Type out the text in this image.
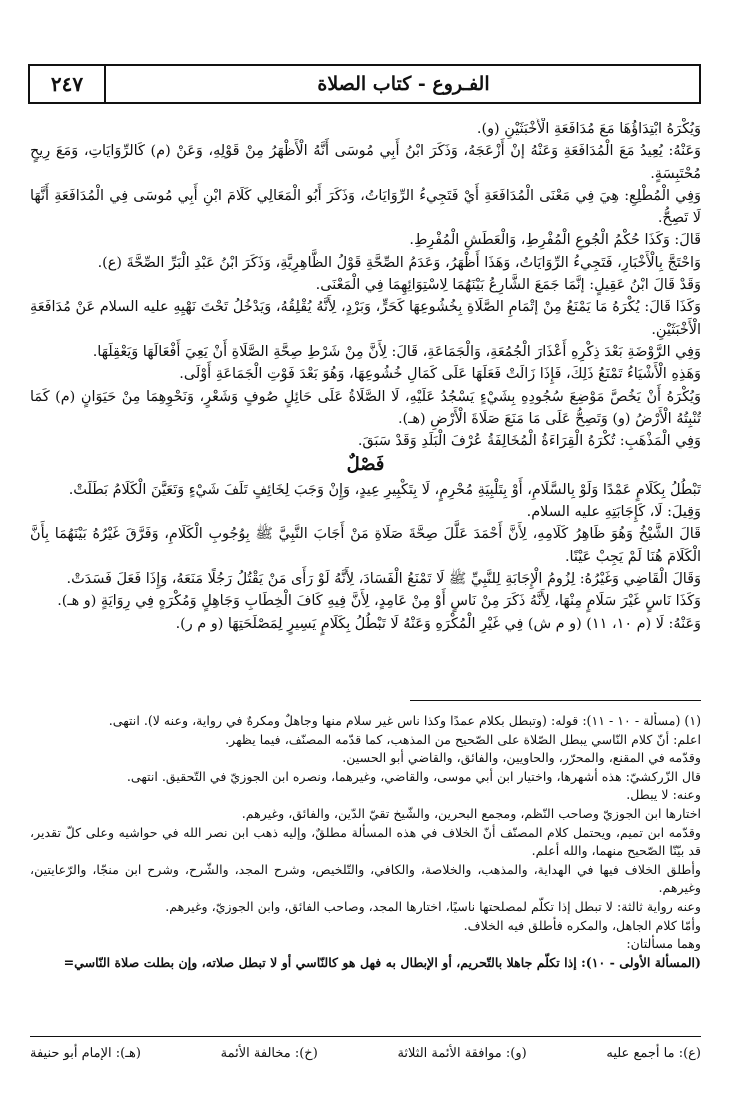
الفـروع - كتاب الصلاة
٢٤٧

وَيُكْرَهُ ابْتِدَاؤُهَا مَعَ مُدَافَعَةِ الْأَخْبَثَيْنِ (و).

وَعَنْهُ: يُعِيدُ مَعَ الْمُدَافَعَةِ وَعَنْهُ إنْ أَزْعَجَهُ، وَذَكَرَ ابْنُ أَبِي مُوسَى أَنَّهُ الْأَظْهَرُ مِنْ قَوْلِهِ، وَعَنْ (م) كَالرِّوَايَاتِ، وَمَعَ رِيحٍ مُحْتَبِسَةٍ.

وَفِي الْمُطْلِعِ: هِيَ فِي مَعْنَى الْمُدَافَعَةِ أَيْ فَتَجِيءُ الرِّوَايَاتُ، وَذَكَرَ أَبُو الْمَعَالِي كَلَامَ ابْنِ أَبِي مُوسَى فِي الْمُدَافَعَةِ أَنَّهَا لَا تَصِحُّ.

قَالَ: وَكَذَا حُكْمُ الْجُوعِ الْمُفْرِطِ، وَالْعَطَشِ الْمُفْرِطِ.

وَاحْتَجَّ بِالْأَخْبَارِ، فَتَجِيءُ الرِّوَايَاتُ، وَهَذَا أَظْهَرُ، وَعَدَمُ الصِّحَّةِ قَوْلُ الظَّاهِرِيَّةِ، وَذَكَرَ ابْنُ عَبْدِ الْبَرِّ الصِّحَّةَ (ع).

وَقَدْ قَالَ ابْنُ عَقِيلٍ: إنَّمَا جَمَعَ الشَّارِعُ بَيْنَهُمَا لِاسْتِوَائِهِمَا فِي الْمَعْنَى.

وَكَذَا قَالَ: يُكْرَهُ مَا يَمْنَعُ مِنْ إتْمَامِ الصَّلَاةِ بِخُشُوعِهَا كَحَرٍّ، وَبَرْدٍ، لِأَنَّهُ يُقْلِقُهُ، وَيَدْخُلُ تَحْتَ نَهْيِهِ عليه السلام عَنْ مُدَافَعَةِ الْأَخْبَثَيْنِ.

وَفِي الرَّوْضَةِ بَعْدَ ذِكْرِهِ أَعْذَارَ الْجُمُعَةِ، وَالْجَمَاعَةِ، قَالَ: لِأَنَّ مِنْ شَرْطِ صِحَّةِ الصَّلَاةِ أَنْ يَعِيَ أَفْعَالَهَا وَيَعْقِلَهَا.

وَهَذِهِ الْأَشْيَاءُ تَمْنَعُ ذَلِكَ، فَإِذَا زَالَتْ فَعَلَهَا عَلَى كَمَالِ خُشُوعِهَا، وَهُوَ بَعْدَ فَوْتِ الْجَمَاعَةِ أَوْلَى.

وَيُكْرَهُ أَنْ يَخُصَّ مَوْضِعَ سُجُودِهِ بِشَيْءٍ يَسْجُدُ عَلَيْهِ، لَا الصَّلَاةُ عَلَى حَائِلٍ صُوفٍ وَشَعْرٍ، وَنَحْوِهِمَا مِنْ حَيَوَانٍ (م) كَمَا تُنْبِتُهُ الْأَرْضُ (و) وَتَصِحُّ عَلَى مَا مَنَعَ صَلَاةَ الْأَرْضِ (هـ).

وَفِي الْمَذْهَبِ: تُكْرَهُ الْقِرَاءَةُ الْمُخَالِفَةُ عُرْفَ الْبَلَدِ وَقَدْ سَبَقَ.

فَصْلٌ

تَبْطُلُ بِكَلَامٍ عَمْدًا وَلَوْ بِالسَّلَامِ، أَوْ بِتَلْبِيَةِ مُحْرِمٍ، لَا بِتَكْبِيرِ عِيدٍ، وَإِنْ وَجَبَ لِخَائِفٍ تَلَفَ شَيْءٍ وَتَعَيَّنَ الْكَلَامُ بَطَلَتْ.

وَقِيلَ: لَا، كَإِجَابَتِهِ عليه السلام.

قَالَ الشَّيْخُ وَهُوَ ظَاهِرُ كَلَامِهِ، لِأَنَّ أَحْمَدَ عَلَّلَ صِحَّةَ صَلَاةِ مَنْ أَجَابَ النَّبِيَّ ﷺ بِوُجُوبِ الْكَلَامِ، وَفَرَّقَ غَيْرُهُ بَيْنَهُمَا بِأَنَّ الْكَلَامَ هُنَا لَمْ يَجِبْ عَيْنًا.

وَقَالَ الْقَاضِي وَغَيْرُهُ: لِزُومُ الْإِجَابَةِ لِلنَّبِيِّ ﷺ لَا تَمْنَعُ الْفَسَادَ، لِأَنَّهُ لَوْ رَأَى مَنْ يَقْتُلُ رَجُلًا مَنَعَهُ، وَإِذَا فَعَلَ فَسَدَتْ.

وَكَذَا نَاسٍ غَيْرَ سَلَامٍ مِنْهَا، لِأَنَّهُ ذَكَرَ مِنْ نَاسٍ أَوْ مِنْ عَامِدٍ، لِأَنَّ فِيهِ كَافَ الْخِطَابِ وَجَاهِلٍ وَمُكْرَهٍ فِي رِوَايَةٍ (و هـ).

وَعَنْهُ: لَا (م ١٠، ١١) (و م ش) فِي غَيْرِ الْمُكْرَهِ وَعَنْهُ لَا تَبْطُلُ بِكَلَامٍ يَسِيرٍ لِمَصْلَحَتِهَا (و م ر).

(١) (مسألة - ١٠ - ١١): قوله: (وتبطل بكلام عمدًا وكذا ناس غير سلام منها وجاهلٌ ومكرهٌ في رواية، وعنه لا). انتهى.

اعلم: أنّ كلام النّاسي يبطل الصّلاة على الصّحيح من المذهب، كما قدّمه المصنّف، فيما يظهر.

وقدّمه في المقنع، والمحرّر، والحاويين، والفائق، والقاضي أبو الحسين.

قال الزّركشيّ: هذه أشهرها، واختيار ابن أبي موسى، والقاضي، وغيرهما، ونصره ابن الجوزيّ في التّحقيق. انتهى.

وعنه: لا يبطل.

اختارها ابن الجوزيّ وصاحب النّظم، ومجمع البحرين، والشّيخ تقيّ الدّين، والفائق، وغيرهم.

وقدّمه ابن تميم، ويحتمل كلام المصنّف أنّ الخلاف في هذه المسألة مطلقٌ، وإليه ذهب ابن نصر الله في حواشيه وعلى كلّ تقدير، قد بيّنّا الصّحيح منهما، والله أعلم.

وأطلق الخلاف فيها في الهداية، والمذهب، والخلاصة، والكافي، والتّلخيص، وشرح المجد، والشّرح، وشرح ابن منجّا، والرّعايتين، وغيرهم.

وعنه رواية ثالثة: لا تبطل إذا تكلّم لمصلحتها ناسيًا، اختارها المجد، وصاحب الفائق، وابن الجوزيّ، وغيرهم.

وأمّا كلام الجاهل، والمكره فأطلق فيه الخلاف.

وهما مسألتان:

(المسألة الأولى - ١٠): إذا تكلّم جاهلا بالتّحريم، أو الإبطال به فهل هو كالنّاسي أو لا تبطل صلاته، وإن بطلت صلاة النّاسي=

(ع): ما أجمع عليه
(و): موافقة الأئمة الثلاثة
(خ): مخالفة الأئمة
(هـ): الإمام أبو حنيفة
